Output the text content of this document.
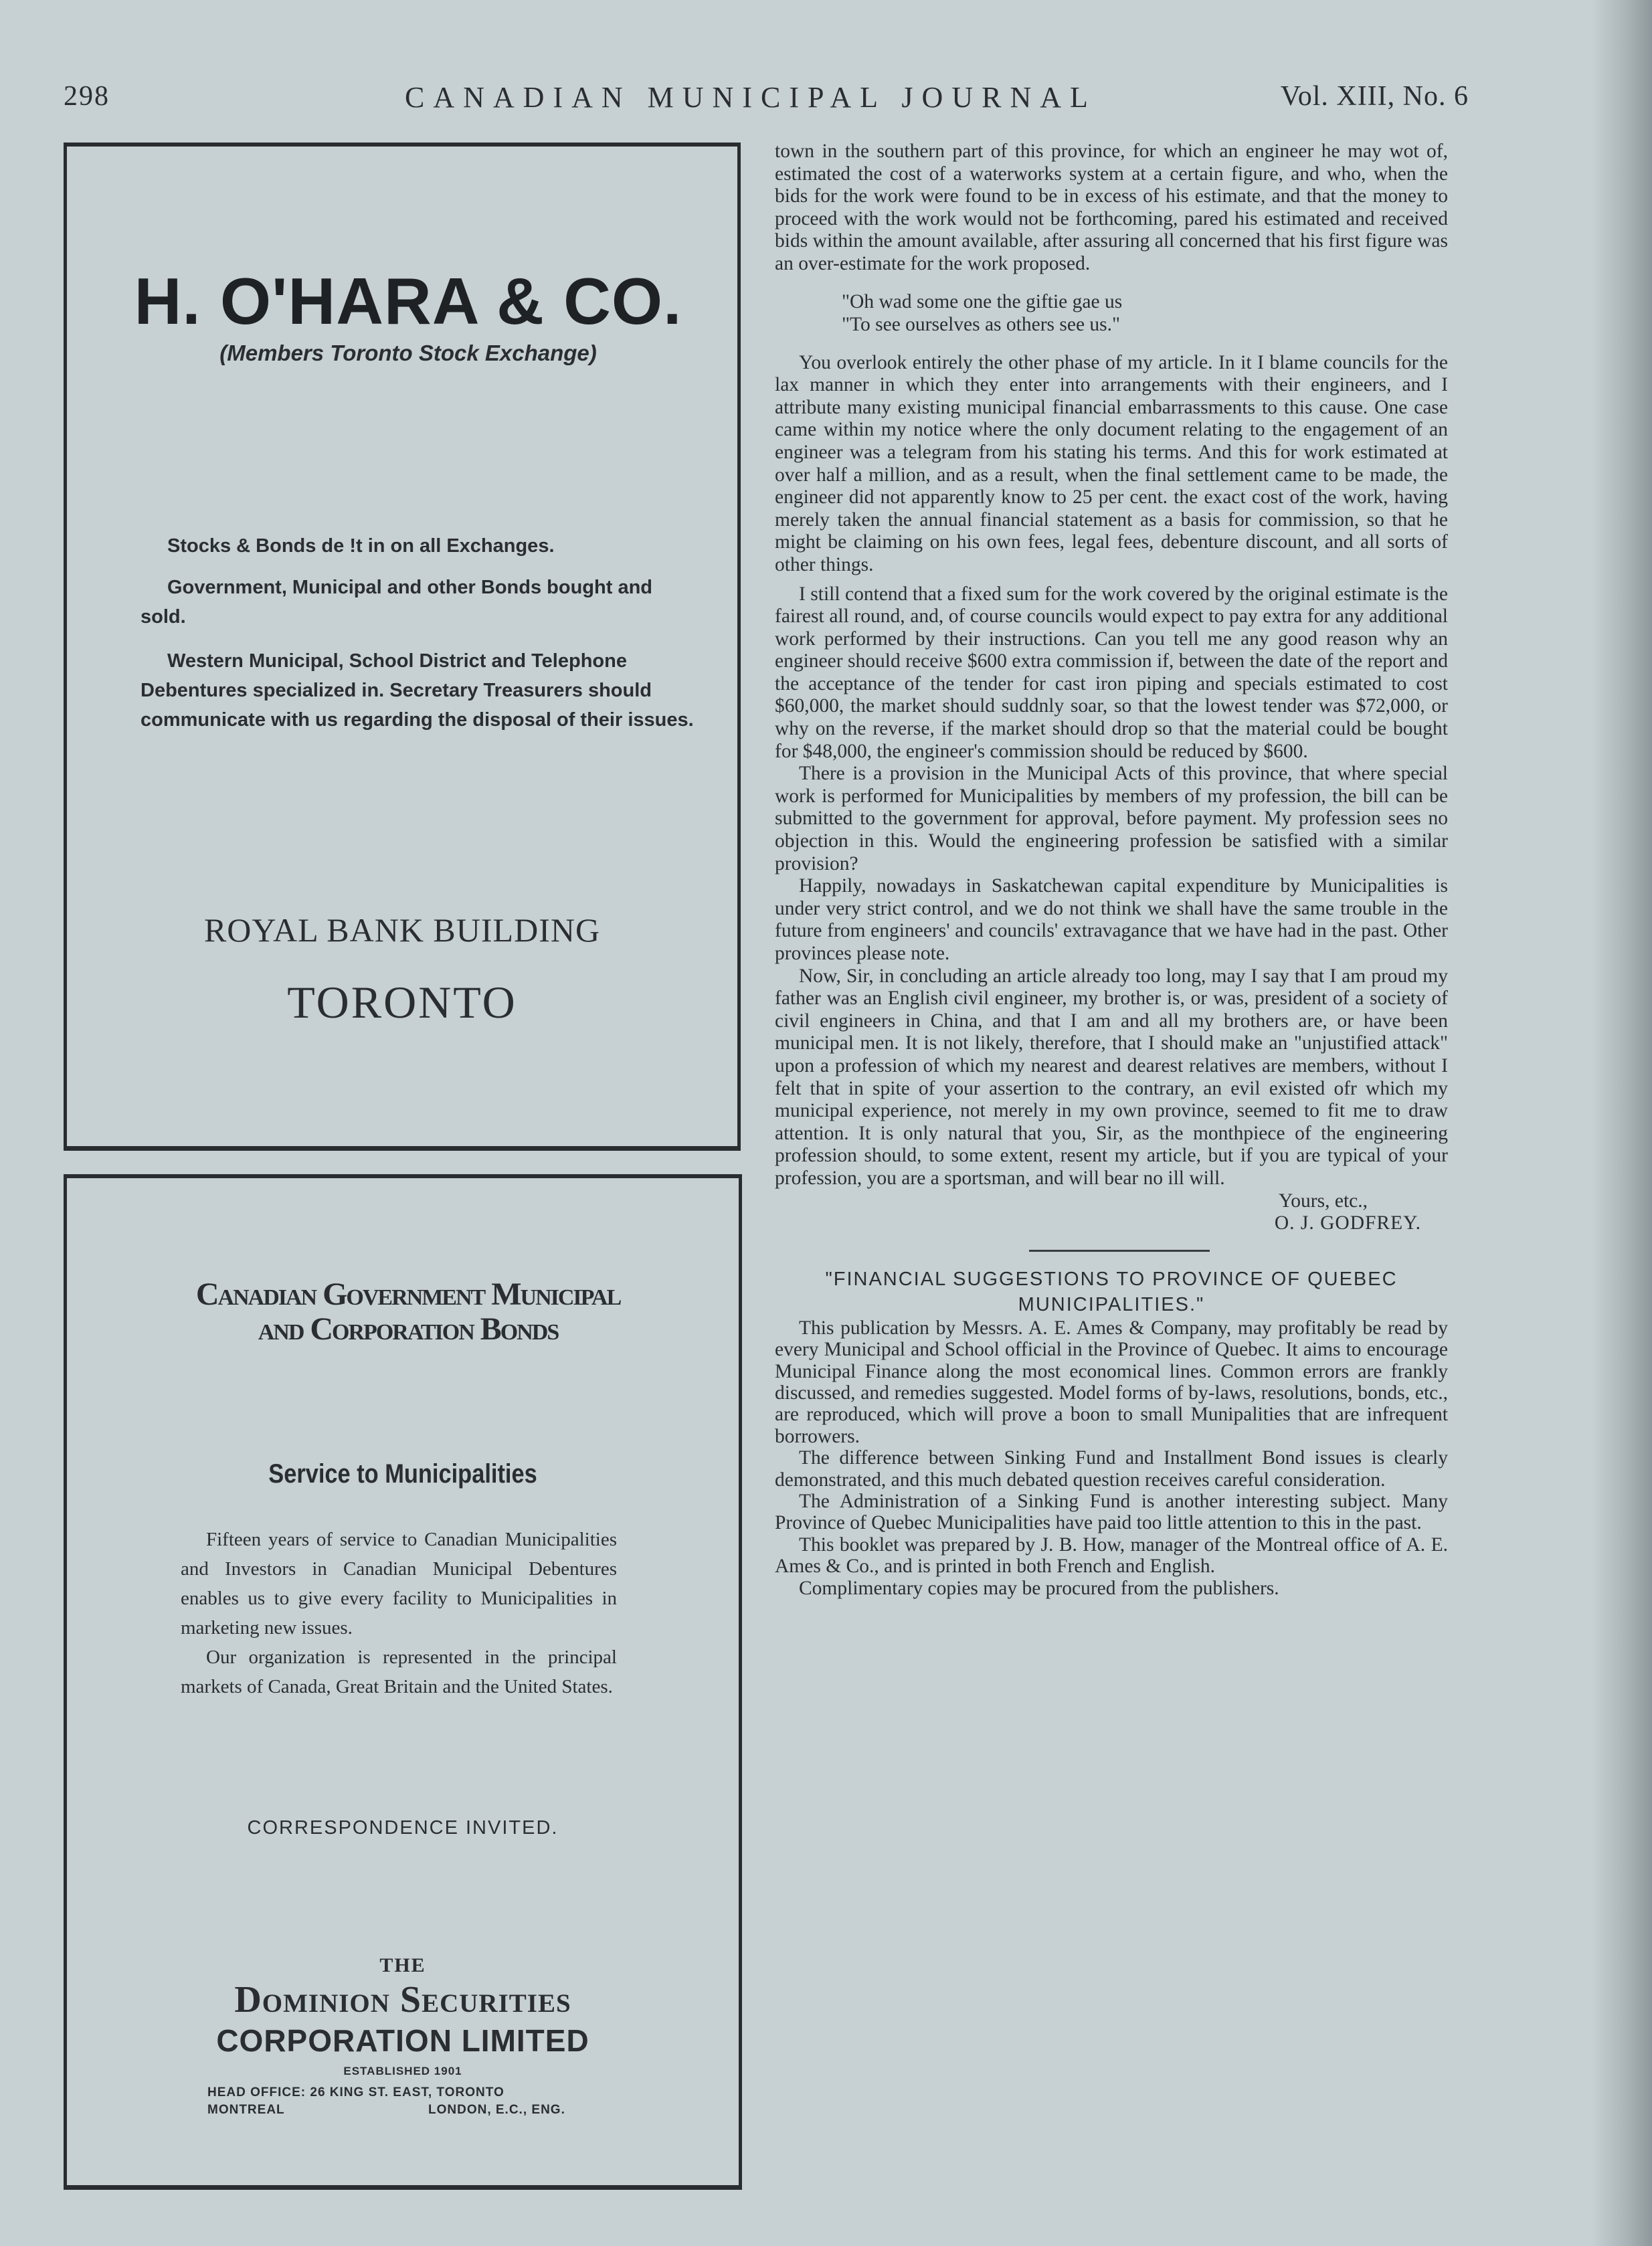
298	CANADIAN MUNICIPAL JOURNAL	Vol. XIII, No. 6
H. O'HARA & CO.
(Members Toronto Stock Exchange)

Stocks & Bonds de !t in on all Exchanges.

Government, Municipal and other Bonds bought and sold.

Western Municipal, School District and Telephone Debentures specialized in. Secretary Treasurers should communicate with us regarding the disposal of their issues.

ROYAL BANK BUILDING
TORONTO
Canadian Government Municipal
and Corporation Bonds
Service to Municipalities

Fifteen years of service to Canadian Municipalities and Investors in Canadian Municipal Debentures enables us to give every facility to Municipalities in marketing new issues.

Our organization is represented in the principal markets of Canada, Great Britain and the United States.

CORRESPONDENCE INVITED.
THE
Dominion Securities
CORPORATION LIMITED
ESTABLISHED 1901
HEAD OFFICE: 26 KING ST. EAST, TORONTO
MONTREAL	LONDON, E.C., ENG.

town in the southern part of this province, for which an engineer he may wot of, estimated the cost of a waterworks system at a certain figure, and who, when the bids for the work were found to be in excess of his estimate, and that the money to proceed with the work would not be forthcoming, pared his estimated and received bids within the amount available, after assuring all concerned that his first figure was an over-estimate for the work proposed.

"Oh wad some one the giftie gae us
"To see ourselves as others see us."

You overlook entirely the other phase of my article. In it I blame councils for the lax manner in which they enter into arrangements with their engineers, and I attribute many existing municipal financial embarrassments to this cause. One case came within my notice where the only document relating to the engagement of an engineer was a telegram from his stating his terms. And this for work estimated at over half a million, and as a result, when the final settlement came to be made, the engineer did not apparently know to 25 per cent. the exact cost of the work, having merely taken the annual financial statement as a basis for commission, so that he might be claiming on his own fees, legal fees, debenture discount, and all sorts of other things.

I still contend that a fixed sum for the work covered by the original estimate is the fairest all round, and, of course councils would expect to pay extra for any additional work performed by their instructions. Can you tell me any good reason why an engineer should receive $600 extra commission if, between the date of the report and the acceptance of the tender for cast iron piping and specials estimated to cost $60,000, the market should suddnly soar, so that the lowest tender was $72,000, or why on the reverse, if the market should drop so that the material could be bought for $48,000, the engineer's commission should be reduced by $600.

There is a provision in the Municipal Acts of this province, that where special work is performed for Municipalities by members of my profession, the bill can be submitted to the government for approval, before payment. My profession sees no objection in this. Would the engineering profession be satisfied with a similar provision?

Happily, nowadays in Saskatchewan capital expenditure by Municipalities is under very strict control, and we do not think we shall have the same trouble in the future from engineers' and councils' extravagance that we have had in the past. Other provinces please note.

Now, Sir, in concluding an article already too long, may I say that I am proud my father was an English civil engineer, my brother is, or was, president of a society of civil engineers in China, and that I am and all my brothers are, or have been municipal men. It is not likely, therefore, that I should make an "unjustified attack" upon a profession of which my nearest and dearest relatives are members, without I felt that in spite of your assertion to the contrary, an evil existed ofr which my municipal experience, not merely in my own province, seemed to fit me to draw attention. It is only natural that you, Sir, as the monthpiece of the engineering profession should, to some extent, resent my article, but if you are typical of your profession, you are a sportsman, and will bear no ill will.

Yours, etc.,

O. J. GODFREY.

"FINANCIAL SUGGESTIONS TO PROVINCE OF QUEBEC MUNICIPALITIES."

This publication by Messrs. A. E. Ames & Company, may profitably be read by every Municipal and School official in the Province of Quebec. It aims to encourage Municipal Finance along the most economical lines. Common errors are frankly discussed, and remedies suggested. Model forms of by-laws, resolutions, bonds, etc., are reproduced, which will prove a boon to small Munipalities that are infrequent borrowers.

The difference between Sinking Fund and Installment Bond issues is clearly demonstrated, and this much debated question receives careful consideration.

The Administration of a Sinking Fund is another interesting subject. Many Province of Quebec Municipalities have paid too little attention to this in the past.

This booklet was prepared by J. B. How, manager of the Montreal office of A. E. Ames & Co., and is printed in both French and English.

Complimentary copies may be procured from the publishers.
